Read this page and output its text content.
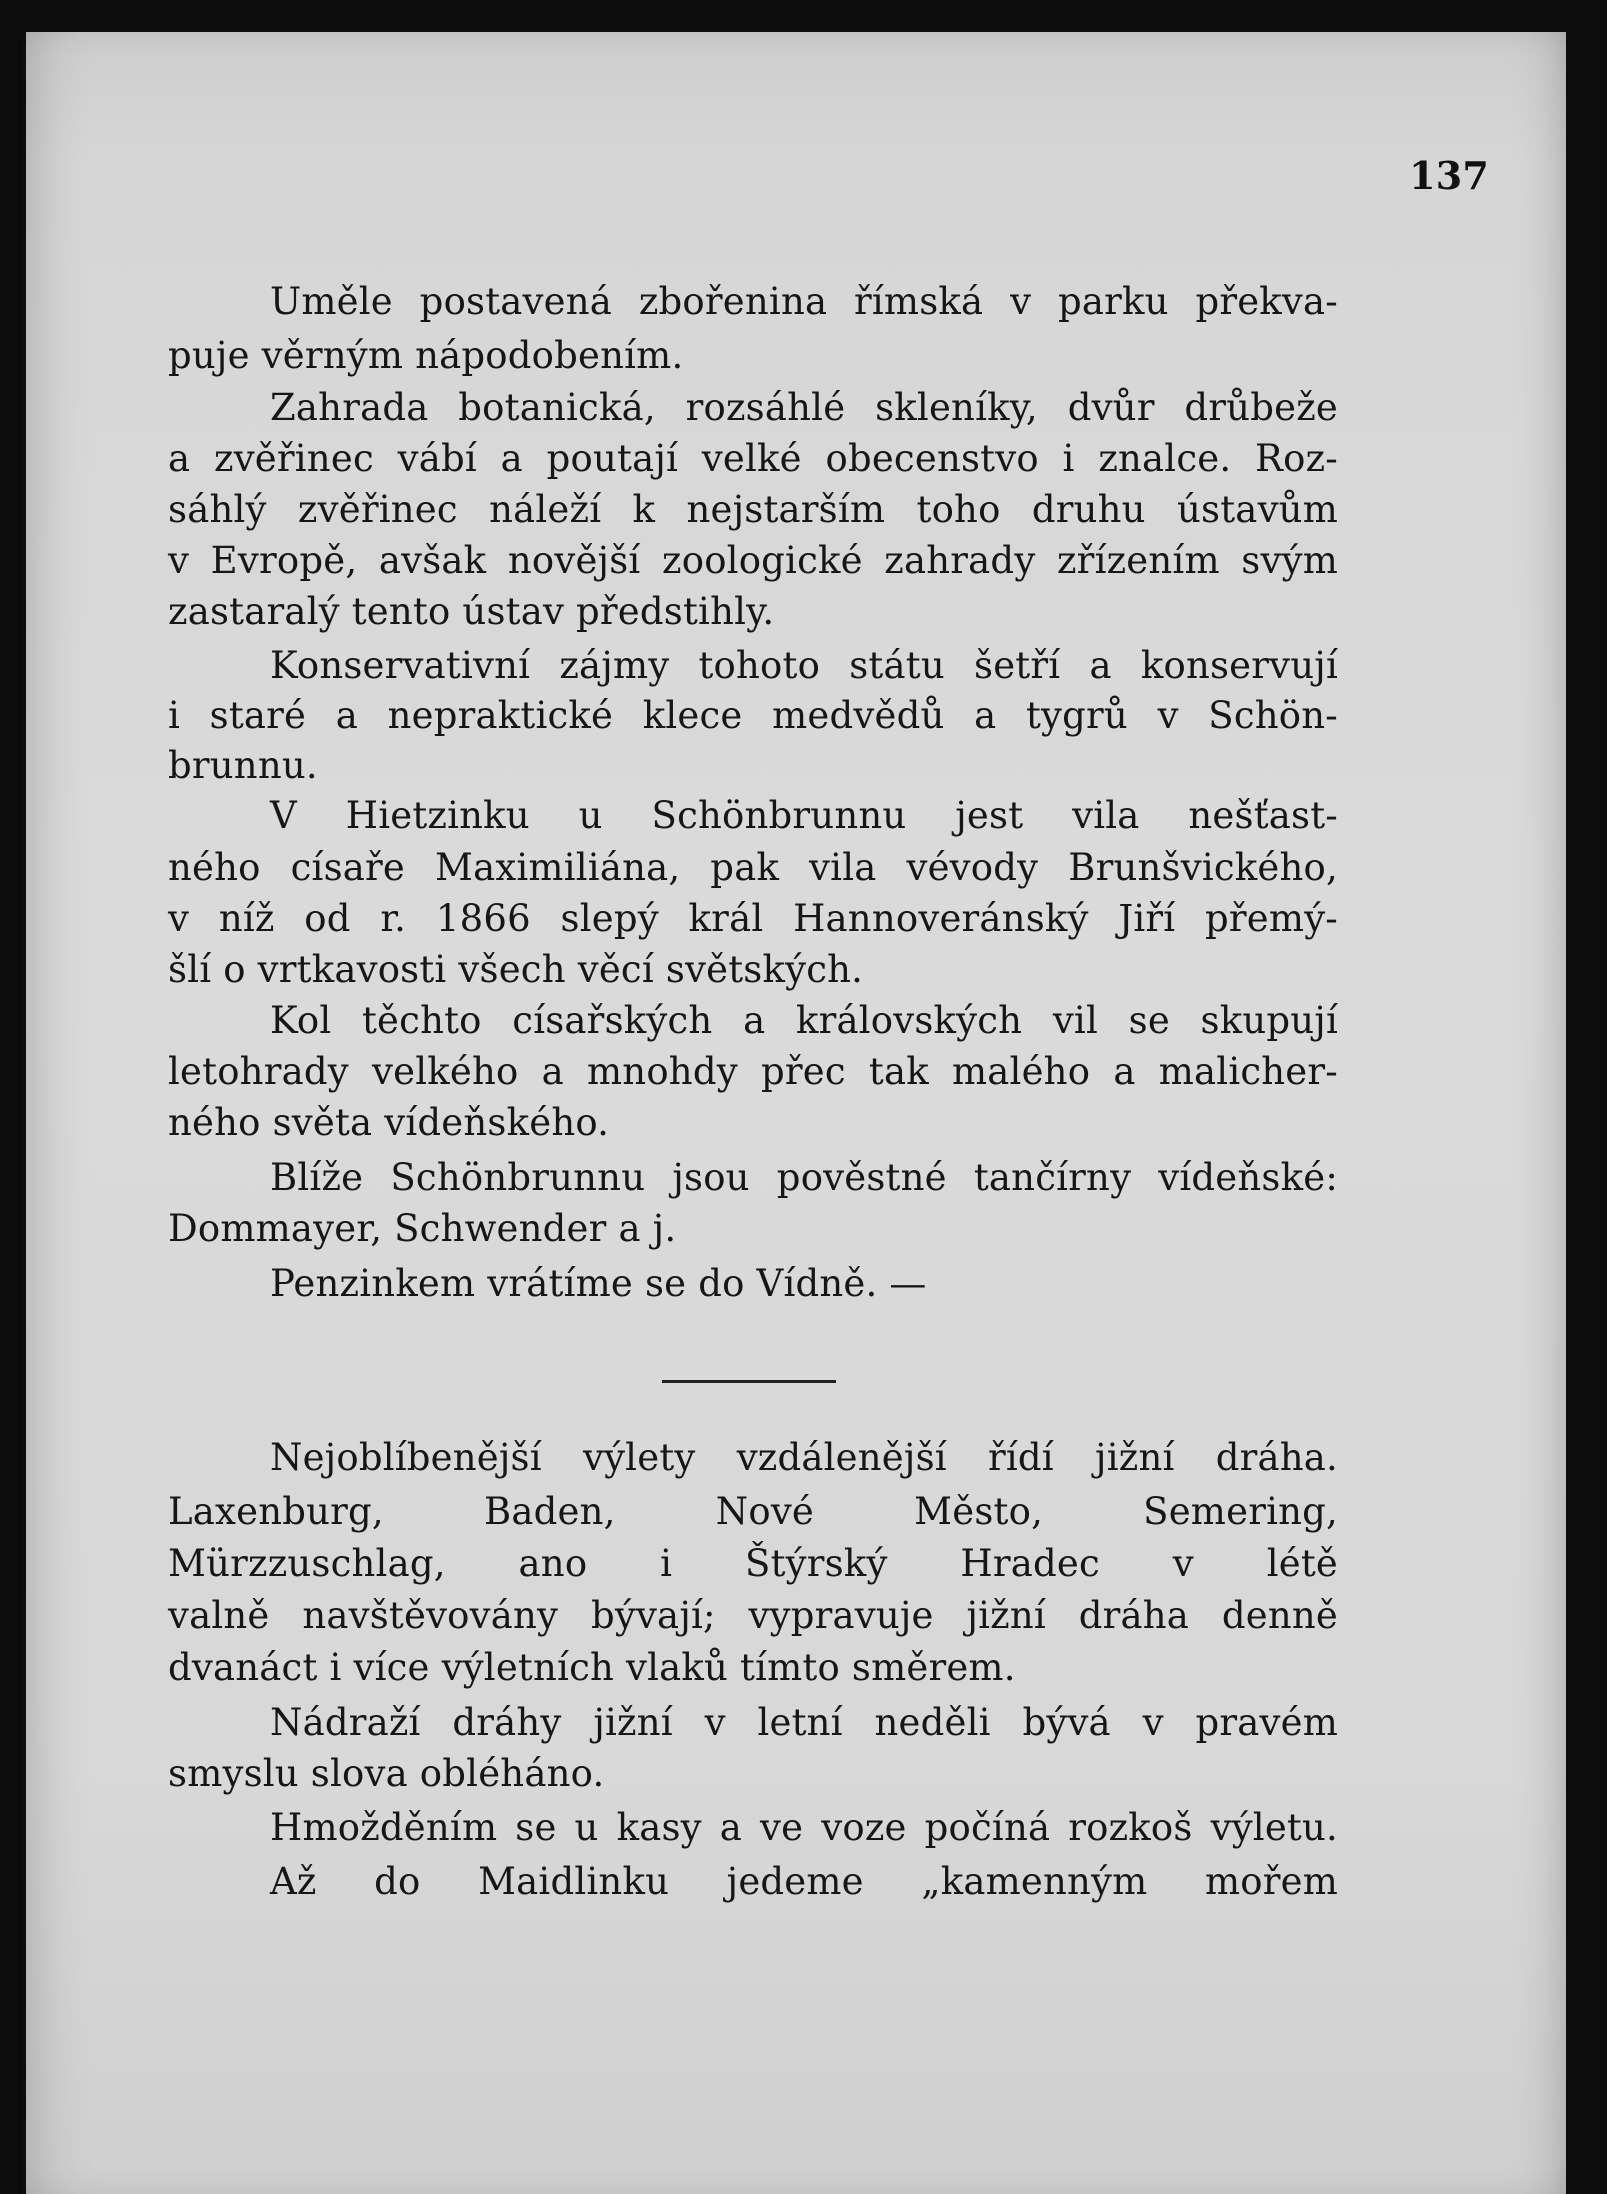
137
Uměle postavená zbořenina římská v parku překva-
puje věrným nápodobením.
Zahrada botanická, rozsáhlé skleníky, dvůr drůbeže
a zvěřinec vábí a poutají velké obecenstvo i znalce. Roz-
sáhlý zvěřinec náleží k nejstarším toho druhu ústavům
v Evropě, avšak novější zoologické zahrady zřízením svým
zastaralý tento ústav předstihly.
Konservativní zájmy tohoto státu šetří a konservují
i staré a nepraktické klece medvědů a tygrů v Schön-
brunnu.
V Hietzinku u Schönbrunnu jest vila nešťast-
ného císaře Maximiliána, pak vila vévody Brunšvického,
v níž od r. 1866 slepý král Hannoveránský Jiří přemý-
šlí o vrtkavosti všech věcí světských.
Kol těchto císařských a královských vil se skupují
letohrady velkého a mnohdy přec tak malého a malicher-
ného světa vídeňského.
Blíže Schönbrunnu jsou pověstné tančírny vídeňské:
Dommayer, Schwender a j.
Penzinkem vrátíme se do Vídně. —
Nejoblíbenější výlety vzdálenější řídí jižní dráha.
Laxenburg, Baden, Nové Město, Semering,
Mürzzuschlag, ano i Štýrský Hradec v létě
valně navštěvovány bývají; vypravuje jižní dráha denně
dvanáct i více výletních vlaků tímto směrem.
Nádraží dráhy jižní v letní neděli bývá v pravém
smyslu slova obléháno.
Hmožděním se u kasy a ve voze počíná rozkoš výletu.
Až do Maidlinku jedeme „kamenným mořem
